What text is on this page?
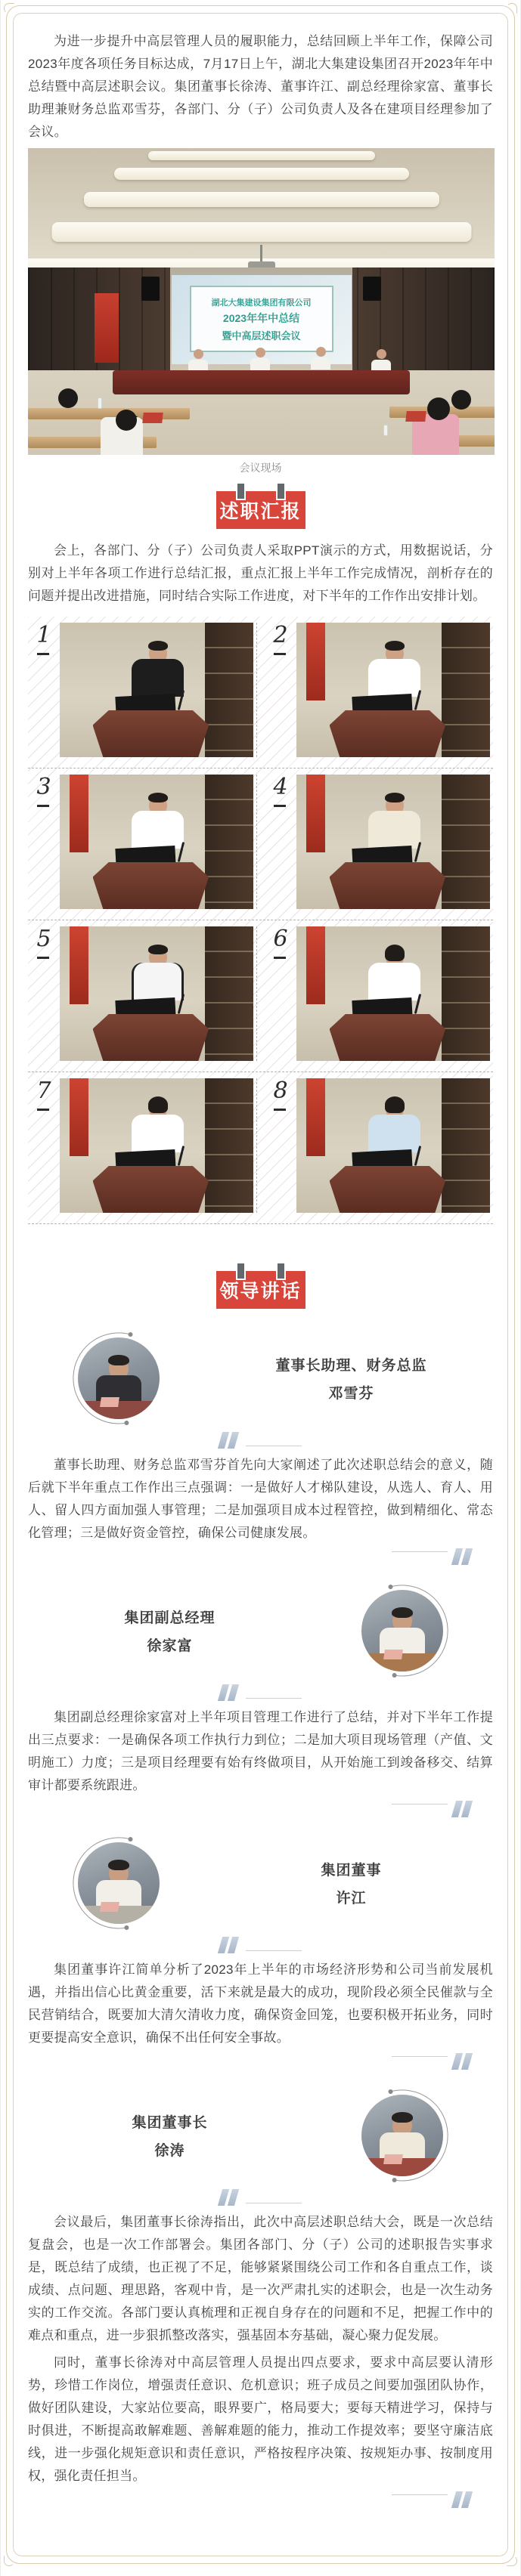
为进一步提升中高层管理人员的履职能力，总结回顾上半年工作，保障公司2023年度各项任务目标达成，7月17日上午，湖北大集建设集团召开2023年年中总结暨中高层述职会议。集团董事长徐涛、董事许江、副总经理徐家富、董事长助理兼财务总监邓雪芬，各部门、分（子）公司负责人及各在建项目经理参加了会议。

湖北大集建设集团有限公司
2023年年中总结
暨中高层述职会议
会议现场
述职汇报

会上，各部门、分（子）公司负责人采取PPT演示的方式，用数据说话，分别对上半年各项工作进行总结汇报，重点汇报上半年工作完成情况，剖析存在的问题并提出改进措施，同时结合实际工作进度，对下半年的工作作出安排计划。

1	2
3	4
5	6
7	8
领导讲话
董事长助理、财务总监
邓雪芬

董事长助理、财务总监邓雪芬首先向大家阐述了此次述职总结会的意义，随后就下半年重点工作作出三点强调：一是做好人才梯队建设，从选人、育人、用人、留人四方面加强人事管理；二是加强项目成本过程管控，做到精细化、常态化管理；三是做好资金管控，确保公司健康发展。

集团副总经理
徐家富

集团副总经理徐家富对上半年项目管理工作进行了总结，并对下半年工作提出三点要求：一是确保各项工作执行力到位；二是加大项目现场管理（产值、文明施工）力度；三是项目经理要有始有终做项目，从开始施工到竣备移交、结算审计都要系统跟进。

集团董事
许江

集团董事许江简单分析了2023年上半年的市场经济形势和公司当前发展机遇，并指出信心比黄金重要，活下来就是最大的成功，现阶段必须全民催款与全民营销结合，既要加大清欠清收力度，确保资金回笼，也要积极开拓业务，同时更要提高安全意识，确保不出任何安全事故。

集团董事长
徐涛

会议最后，集团董事长徐涛指出，此次中高层述职总结大会，既是一次总结复盘会，也是一次工作部署会。集团各部门、分（子）公司的述职报告实事求是，既总结了成绩，也正视了不足，能够紧紧围绕公司工作和各自重点工作，谈成绩、点问题、理思路，客观中肯，是一次严肃扎实的述职会，也是一次生动务实的工作交流。各部门要认真梳理和正视自身存在的问题和不足，把握工作中的难点和重点，进一步狠抓整改落实，强基固本夯基础，凝心聚力促发展。

同时，董事长徐涛对中高层管理人员提出四点要求，要求中高层要认清形势，珍惜工作岗位，增强责任意识、危机意识；班子成员之间要加强团队协作，做好团队建设，大家站位要高，眼界要广，格局要大；要每天精进学习，保持与时俱进，不断提高敢解难题、善解难题的能力，推动工作提效率；要坚守廉洁底线，进一步强化规矩意识和责任意识，严格按程序决策、按规矩办事、按制度用权，强化责任担当。
